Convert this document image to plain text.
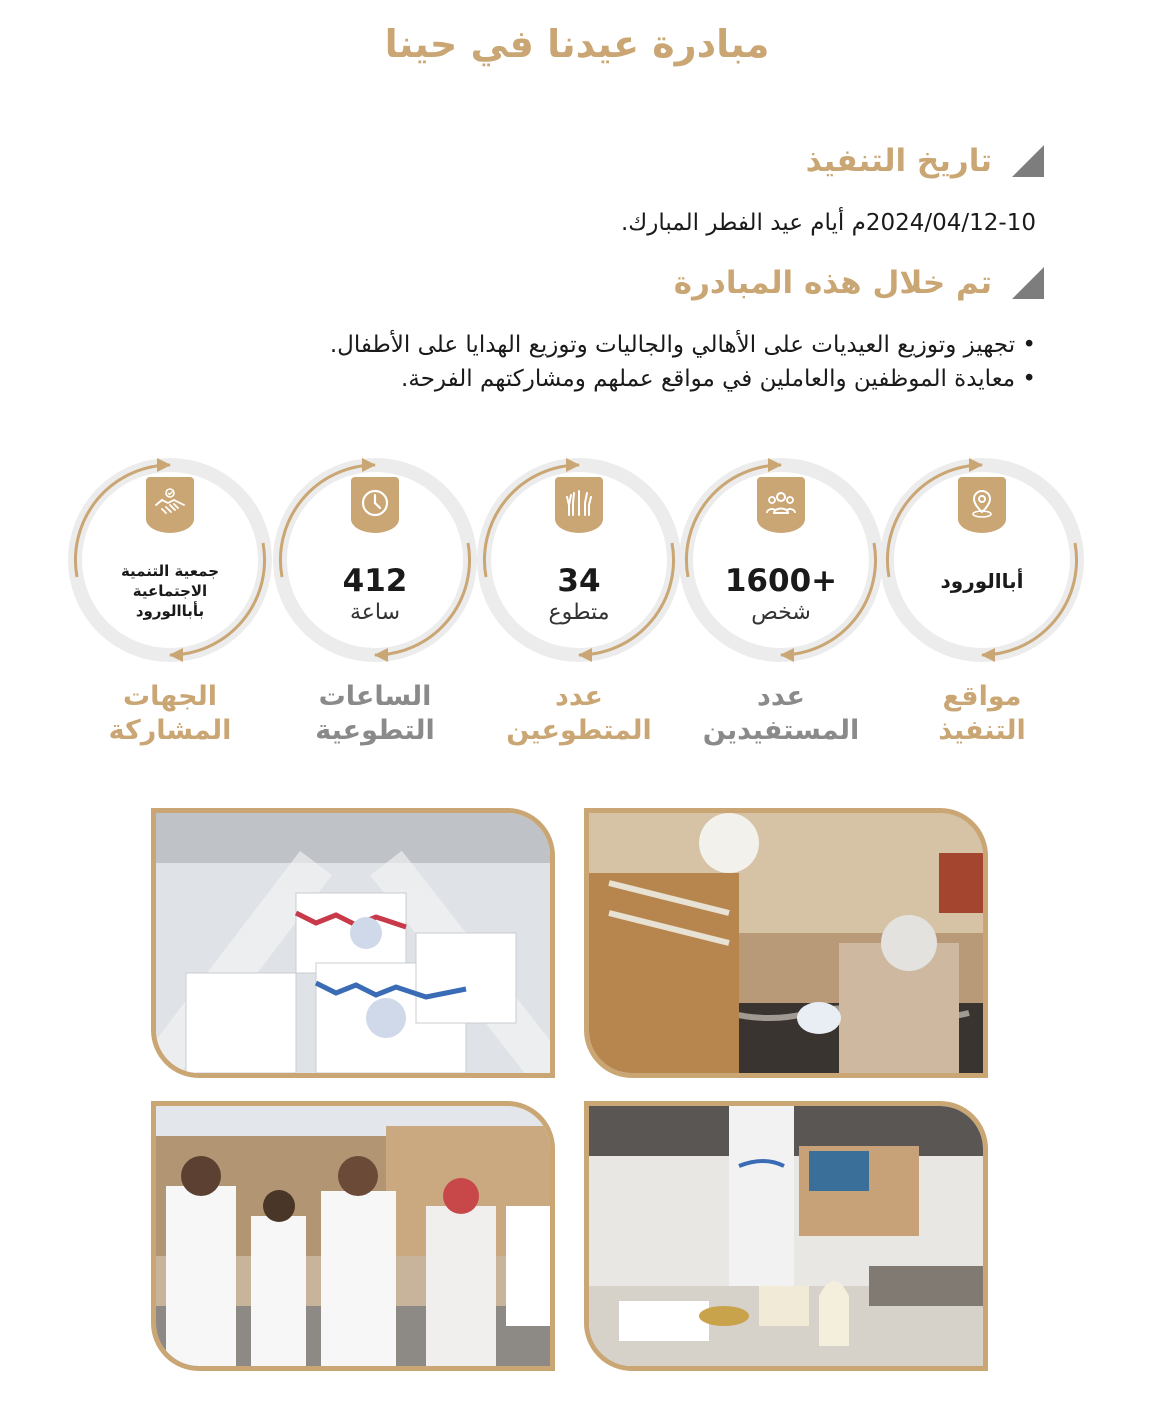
مبادرة عيدنا في حينا
تاريخ التنفيذ
2024/04/12-10م أيام عيد الفطر المبارك.
تم خلال هذه المبادرة
• تجهيز وتوزيع العيديات على الأهالي والجاليات وتوزيع الهدايا على الأطفال.
• معايدة الموظفين والعاملين في مواقع عملهم ومشاركتهم الفرحة.
أباالورود
1600+
شخص
34
متطوع
412
ساعة
جمعية التنمية
الاجتماعية
بأباالورود
مواقع
التنفيذ
عدد
المستفيدين
عدد
المتطوعين
الساعات
التطوعية
الجهات
المشاركة
